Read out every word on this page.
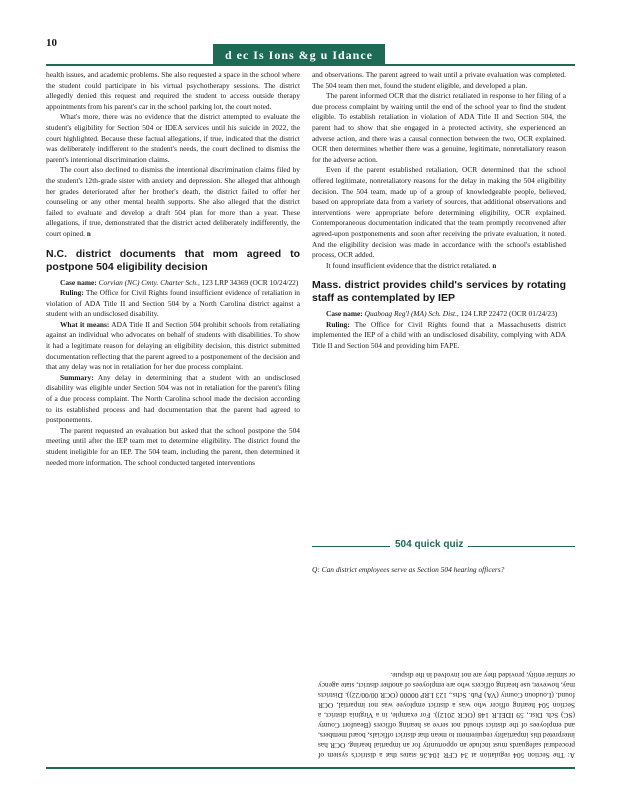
10
d ec Is Ions &g u Idance

health issues, and academic problems. She also requested a space in the school where the student could participate in his virtual psychotherapy sessions. The district allegedly denied this request and required the student to access outside therapy appointments from his parent's car in the school parking lot, the court noted.

What's more, there was no evidence that the district attempted to evaluate the student's eligibility for Section 504 or IDEA services until his suicide in 2022, the court highlighted. Because these factual allegations, if true, indicated that the district was deliberately indifferent to the student's needs, the court declined to dismiss the parent's intentional discrimination claims.

The court also declined to dismiss the intentional discrimination claims filed by the student's 12th-grade sister with anxiety and depression. She alleged that although her grades deteriorated after her brother's death, the district failed to offer her counseling or any other mental health supports. She also alleged that the district failed to evaluate and develop a draft 504 plan for more than a year. These allegations, if true, demonstrated that the district acted deliberately indifferently, the court opined. n

N.C. district documents that mom agreed to postpone 504 eligibility decision

Case name: Corvian (NC) Cmty. Charter Sch., 123 LRP 34369 (OCR 10/24/22)

Ruling: The Office for Civil Rights found insufficient evidence of retaliation in violation of ADA Title II and Section 504 by a North Carolina district against a student with an undisclosed disability.

What it means: ADA Title II and Section 504 prohibit schools from retaliating against an individual who advocates on behalf of students with disabilities. To show it had a legitimate reason for delaying an eligibility decision, this district submitted documentation reflecting that the parent agreed to a postponement of the decision and that any delay was not in retaliation for her due process complaint.

Summary: Any delay in determining that a student with an undisclosed disability was eligible under Section 504 was not in retaliation for the parent's filing of a due process complaint. The North Carolina school made the decision according to its established process and had documentation that the parent had agreed to postponements.

The parent requested an evaluation but asked that the school postpone the 504 meeting until after the IEP team met to determine eligibility. The district found the student ineligible for an IEP. The 504 team, including the parent, then determined it needed more information. The school conducted targeted interventions

and observations. The parent agreed to wait until a private evaluation was completed. The 504 team then met, found the student eligible, and developed a plan.

The parent informed OCR that the district retaliated in response to her filing of a due process complaint by waiting until the end of the school year to find the student eligible. To establish retaliation in violation of ADA Title II and Section 504, the parent had to show that she engaged in a protected activity, she experienced an adverse action, and there was a causal connection between the two, OCR explained. OCR then determines whether there was a genuine, legitimate, nonretaliatory reason for the adverse action.

Even if the parent established retaliation, OCR determined that the school offered legitimate, nonretaliatory reasons for the delay in making the 504 eligibility decision. The 504 team, made up of a group of knowledgeable people, believed, based on appropriate data from a variety of sources, that additional observations and interventions were appropriate before determining eligibility, OCR explained. Contemporaneous documentation indicated that the team promptly reconvened after agreed-upon postponements and soon after receiving the private evaluation, it noted. And the eligibility decision was made in accordance with the school's established process, OCR added.

It found insufficient evidence that the district retaliated. n

Mass. district provides child's services by rotating staff as contemplated by IEP

Case name: Quaboag Reg'l (MA) Sch. Dist., 124 LRP 22472 (OCR 01/24/23)

Ruling: The Office for Civil Rights found that a Massachusetts district implemented the IEP of a child with an undisclosed disability, complying with ADA Title II and Section 504 and providing him FAPE.

504 quick quiz
Q: Can district employees serve as Section 504 hearing officers?
A: The Section 504 regulation at 34 CFR 104.36 states that a district's system of procedural safeguards must include an opportunity for an impartial hearing. OCR has interpreted this impartiality requirement to mean that district officials, board members, and employees of the district should not serve as hearing officers (Beaufort County (SC) Sch. Dist., 59 IDELR 148 (OCR 2012)). For example, in a Virginia district, a Section 504 hearing officer who was a district employee was not impartial, OCR found. (Loudoun County (VA) Pub. Schs., 123 LRP 00000 (OCR 00/00/22)). Districts may, however, use hearing officers who are employees of another district, state agency or similar entity, provided they are not involved in the dispute.
